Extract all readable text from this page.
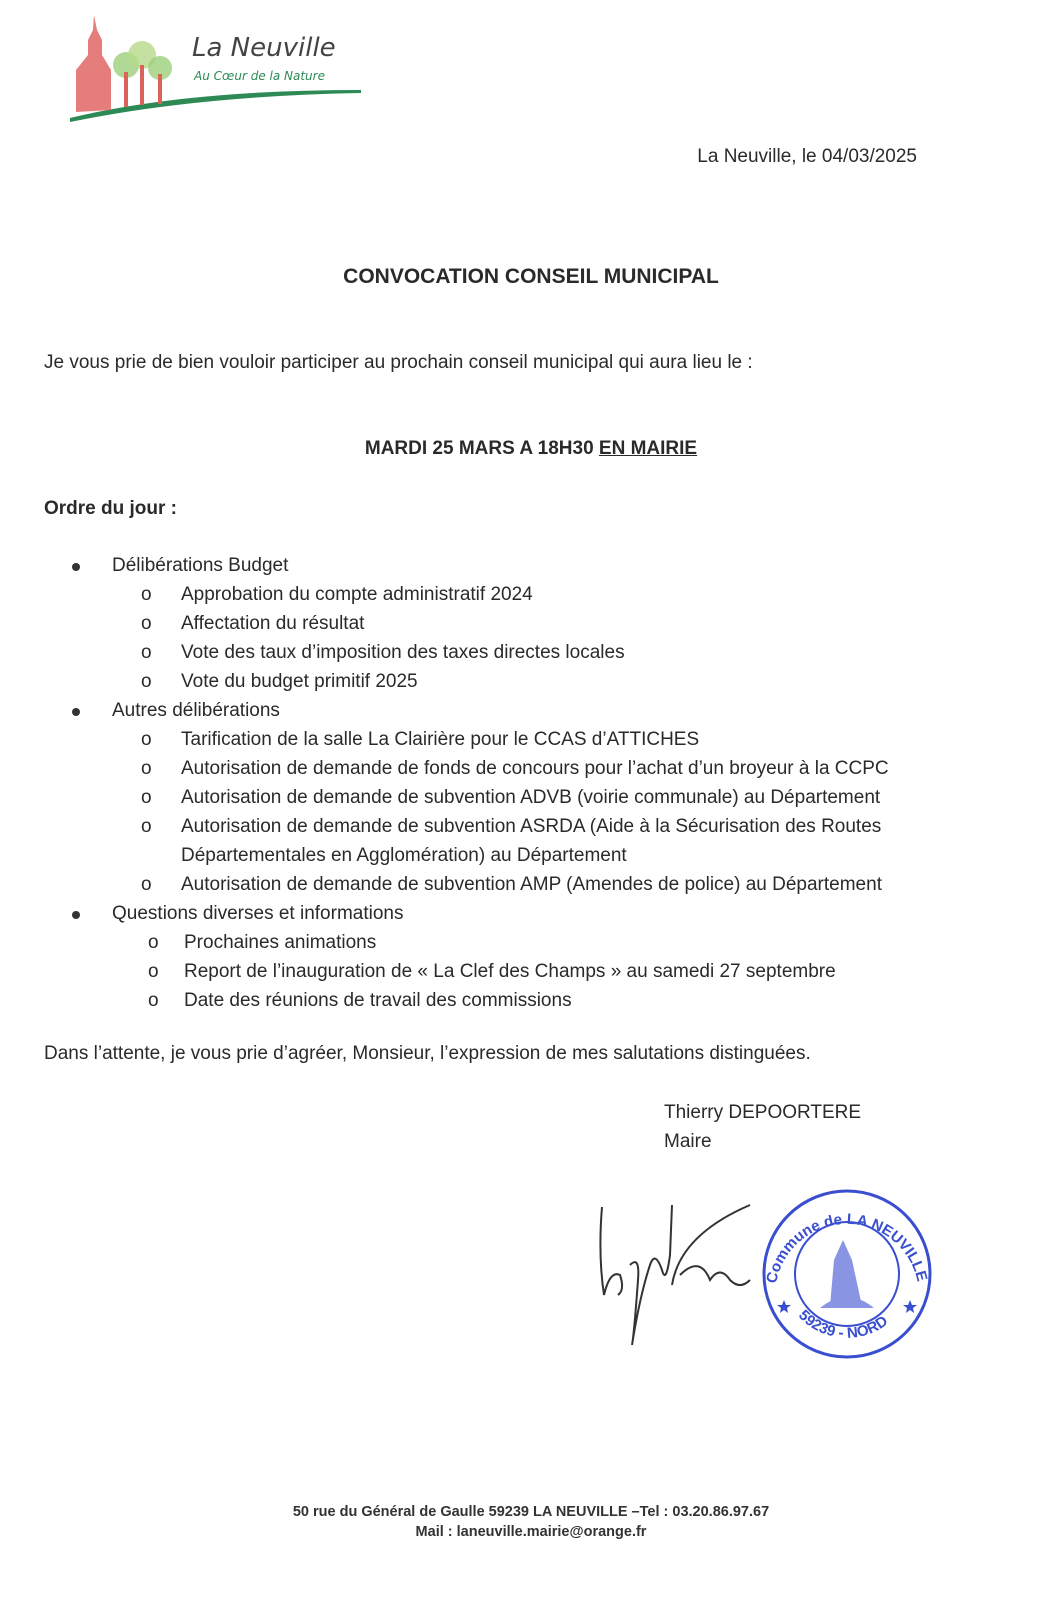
La Neuville
Au Cœur de la Nature
La Neuville, le 04/03/2025
CONVOCATION CONSEIL MUNICIPAL
Je vous prie de bien vouloir participer au prochain conseil municipal qui aura lieu le :
MARDI 25 MARS A 18H30 EN MAIRIE
Ordre du jour :
Délibérations Budget
o Approbation du compte administratif 2024
o Affectation du résultat
o Vote des taux d’imposition des taxes directes locales
o Vote du budget primitif 2025
Autres délibérations
o Tarification de la salle La Clairière pour le CCAS d’ATTICHES
o Autorisation de demande de fonds de concours pour l’achat d’un broyeur à la CCPC
o Autorisation de demande de subvention ADVB (voirie communale) au Département
o Autorisation de demande de subvention ASRDA (Aide à la Sécurisation des Routes Départementales en Agglomération) au Département
o Autorisation de demande de subvention AMP (Amendes de police) au Département
Questions diverses et informations
o Prochaines animations
o Report de l’inauguration de « La Clef des Champs » au samedi 27 septembre
o Date des réunions de travail des commissions
Dans l’attente, je vous prie d’agréer, Monsieur, l’expression de mes salutations distinguées.
Thierry DEPOORTERE
Maire
Commune de LA NEUVILLE
59239 - NORD
50 rue du Général de Gaulle 59239 LA NEUVILLE –Tel : 03.20.86.97.67
Mail : laneuville.mairie@orange.fr
